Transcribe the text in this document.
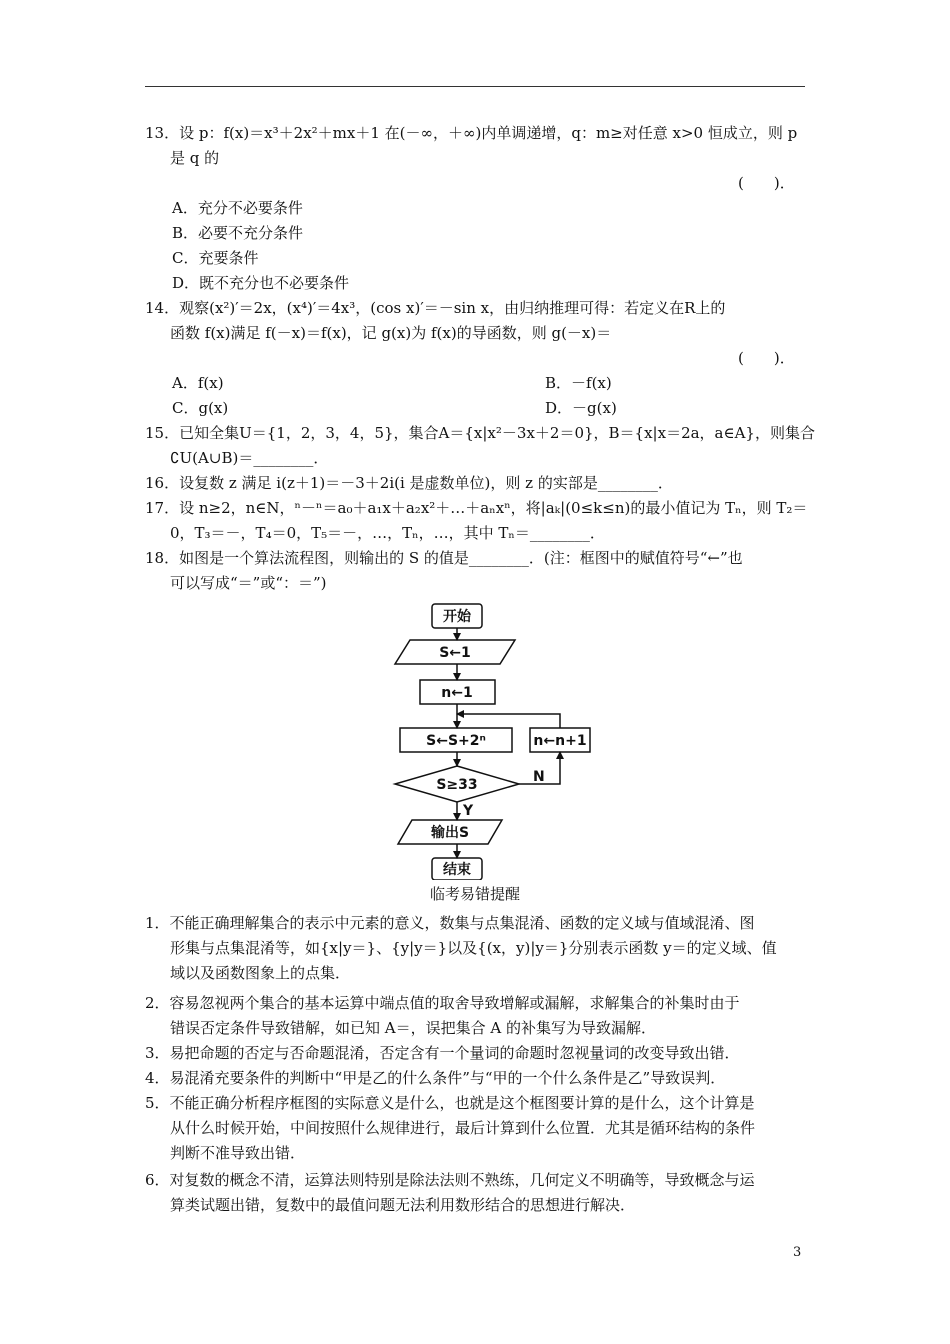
13．设 p：f(x)＝x³＋2x²＋mx＋1 在(－∞，＋∞)内单调递增，q：m≥对任意 x>0 恒成立，则 p
是 q 的
(　　)．
A．充分不必要条件
B．必要不充分条件
C．充要条件
D．既不充分也不必要条件
14．观察(x²)′＝2x，(x⁴)′＝4x³，(cos x)′＝－sin x，由归纳推理可得：若定义在R上的
函数 f(x)满足 f(－x)＝f(x)，记 g(x)为 f(x)的导函数，则 g(－x)＝
(　　)．
A．f(x)	B．－f(x)
C．g(x)	D．－g(x)
15．已知全集U＝{1，2，3，4，5}，集合A＝{x|x²－3x＋2＝0}，B＝{x|x＝2a，a∈A}，则集合
∁U(A∪B)＝________．
16．设复数 z 满足 i(z＋1)＝－3＋2i(i 是虚数单位)，则 z 的实部是________．
17．设 n≥2，n∈N，ⁿ－ⁿ＝a₀＋a₁x＋a₂x²＋…＋aₙxⁿ，将|aₖ|(0≤k≤n)的最小值记为 Tₙ，则 T₂＝
0，T₃＝－，T₄＝0，T₅＝－，…，Tₙ，…，其中 Tₙ＝________．
18．如图是一个算法流程图，则输出的 S 的值是________．(注：框图中的赋值符号“←”也
可以写成“＝”或“：＝”)
开始
S←1
n←1
S←S+2ⁿ	n←n+1
S≥33	N
Y
输出S
结束
临考易错提醒
1．不能正确理解集合的表示中元素的意义，数集与点集混淆、函数的定义域与值域混淆、图
形集与点集混淆等，如{x|y＝}、{y|y＝}以及{(x，y)|y＝}分别表示函数 y＝的定义域、值
域以及函数图象上的点集．
2．容易忽视两个集合的基本运算中端点值的取舍导致增解或漏解，求解集合的补集时由于
错误否定条件导致错解，如已知 A＝，误把集合 A 的补集写为导致漏解．
3．易把命题的否定与否命题混淆，否定含有一个量词的命题时忽视量词的改变导致出错．
4．易混淆充要条件的判断中“甲是乙的什么条件”与“甲的一个什么条件是乙”导致误判．
5．不能正确分析程序框图的实际意义是什么，也就是这个框图要计算的是什么，这个计算是
从什么时候开始，中间按照什么规律进行，最后计算到什么位置．尤其是循环结构的条件
判断不准导致出错．
6．对复数的概念不清，运算法则特别是除法法则不熟练，几何定义不明确等，导致概念与运
算类试题出错，复数中的最值问题无法利用数形结合的思想进行解决．
3
